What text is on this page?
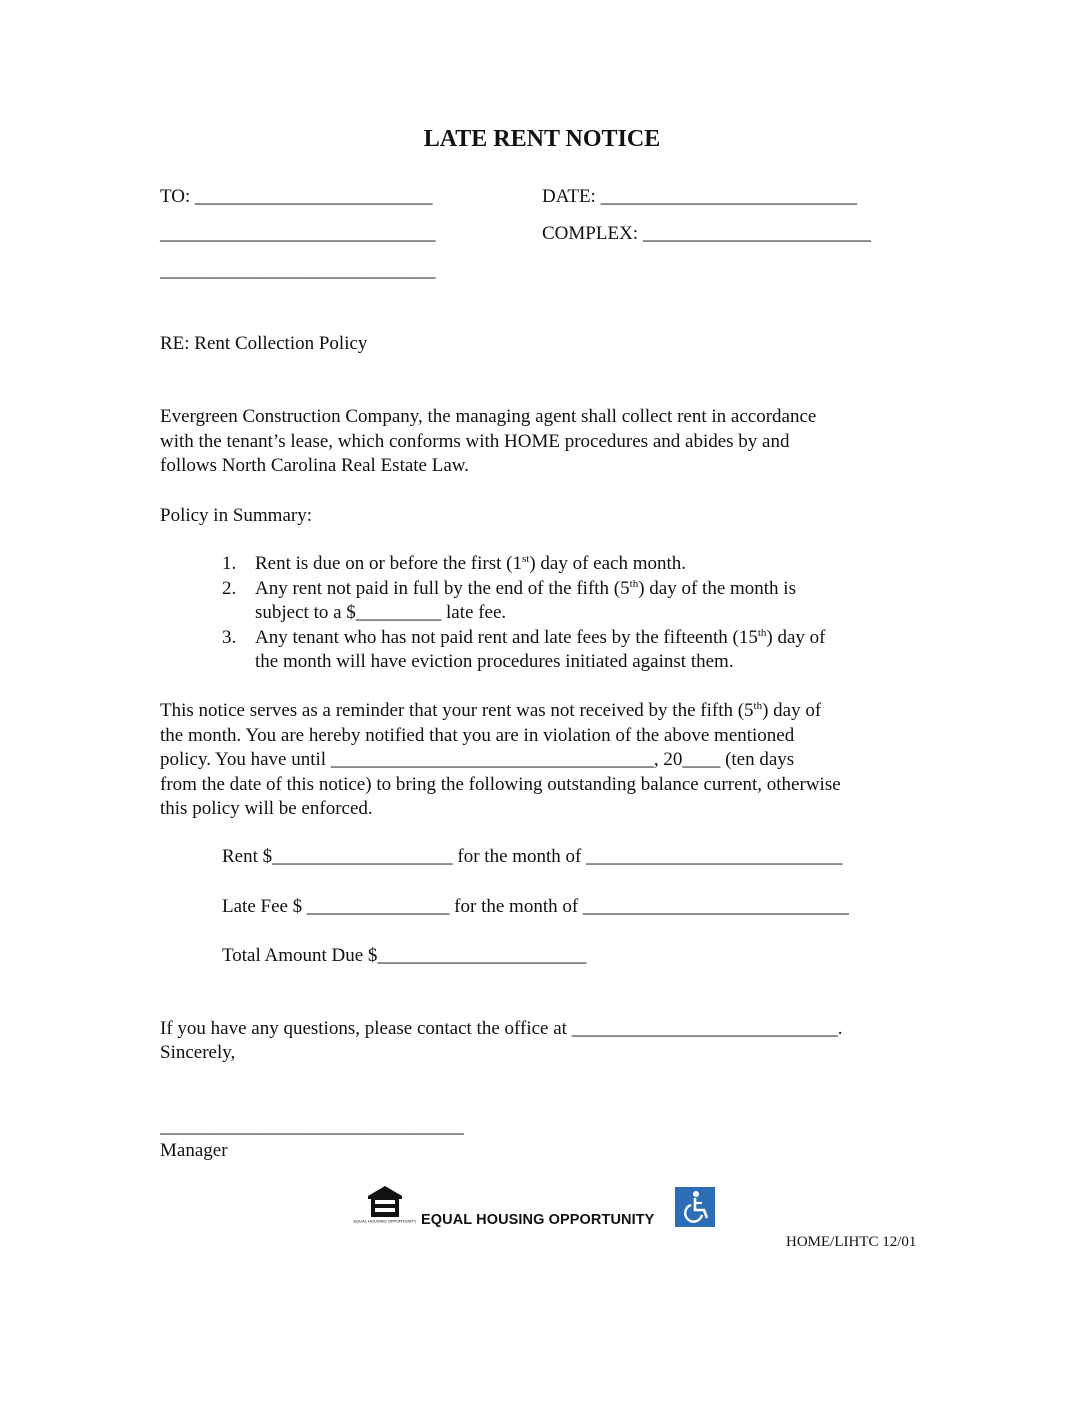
LATE RENT NOTICE
TO: _________________________	DATE: ___________________________
_____________________________	COMPLEX: ________________________
_____________________________
RE: Rent Collection Policy
Evergreen Construction Company, the managing agent shall collect rent in accordance
with the tenant’s lease, which conforms with HOME procedures and abides by and
follows North Carolina Real Estate Law.
Policy in Summary:
1. Rent is due on or before the first (1st) day of each month.
2. Any rent not paid in full by the end of the fifth (5th) day of the month is
subject to a $_________ late fee.
3. Any tenant who has not paid rent and late fees by the fifteenth (15th) day of
the month will have eviction procedures initiated against them.
This notice serves as a reminder that your rent was not received by the fifth (5th) day of
the month. You are hereby notified that you are in violation of the above mentioned
policy. You have until __________________________________, 20____ (ten days
from the date of this notice) to bring the following outstanding balance current, otherwise
this policy will be enforced.
Rent $___________________ for the month of ___________________________
Late Fee $ _______________ for the month of ____________________________
Total Amount Due $______________________
If you have any questions, please contact the office at ____________________________.
Sincerely,
________________________________
Manager
EQUAL HOUSING OPPORTUNITY EQUAL HOUSING OPPORTUNITY
HOME/LIHTC 12/01
